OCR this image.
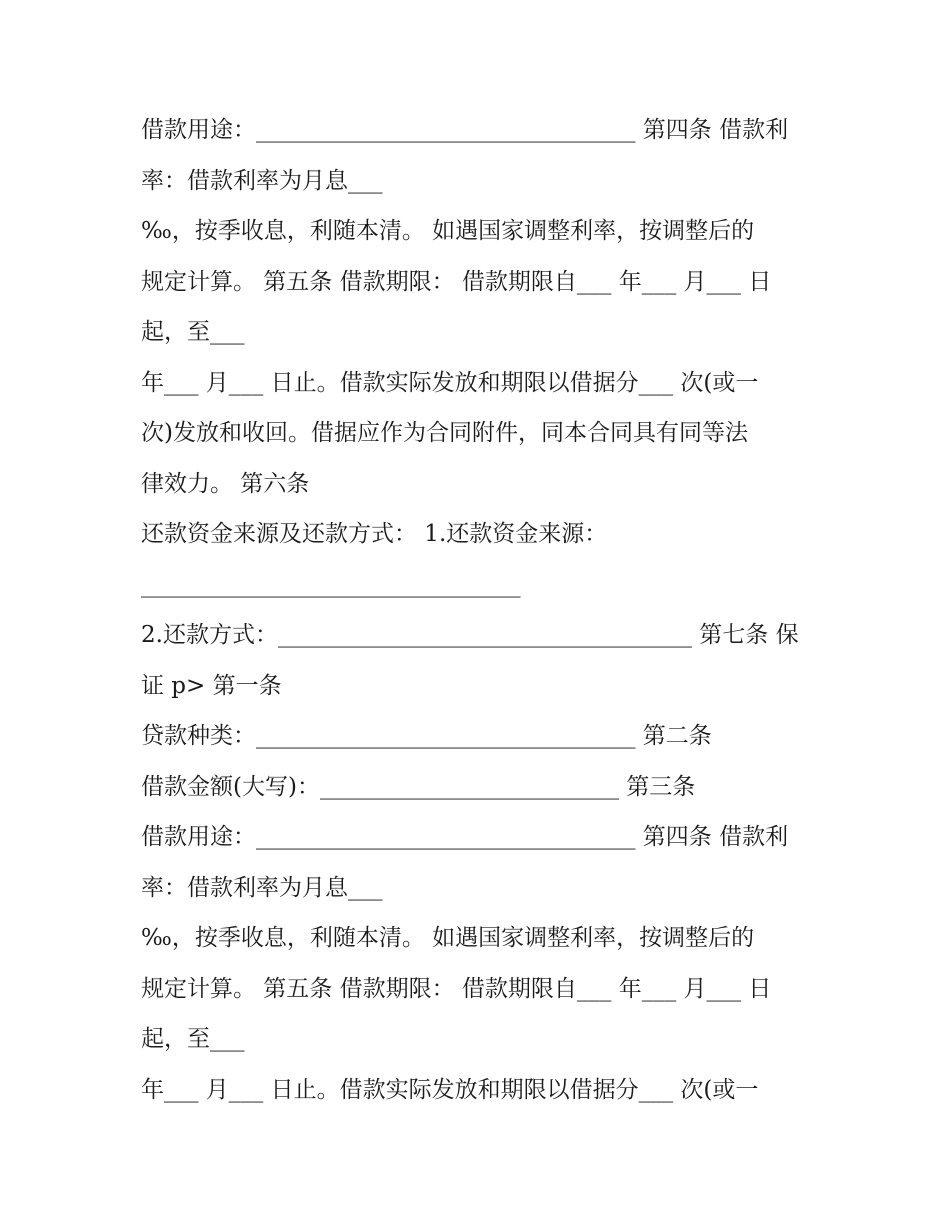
借款用途：_________________________________ 第四条 借款利
率：借款利率为月息___
‰，按季收息，利随本清。 如遇国家调整利率，按调整后的
规定计算。 第五条 借款期限： 借款期限自___ 年___ 月___ 日
起，至___
年___ 月___ 日止。借款实际发放和期限以借据分___ 次(或一
次)发放和收回。借据应作为合同附件，同本合同具有同等法
律效力。 第六条
还款资金来源及还款方式： 1.还款资金来源：
_________________________________
2.还款方式：____________________________________ 第七条 保
证 p> 第一条
贷款种类：_________________________________ 第二条
借款金额(大写)：__________________________ 第三条
借款用途：_________________________________ 第四条 借款利
率：借款利率为月息___
‰，按季收息，利随本清。 如遇国家调整利率，按调整后的
规定计算。 第五条 借款期限： 借款期限自___ 年___ 月___ 日
起，至___
年___ 月___ 日止。借款实际发放和期限以借据分___ 次(或一
